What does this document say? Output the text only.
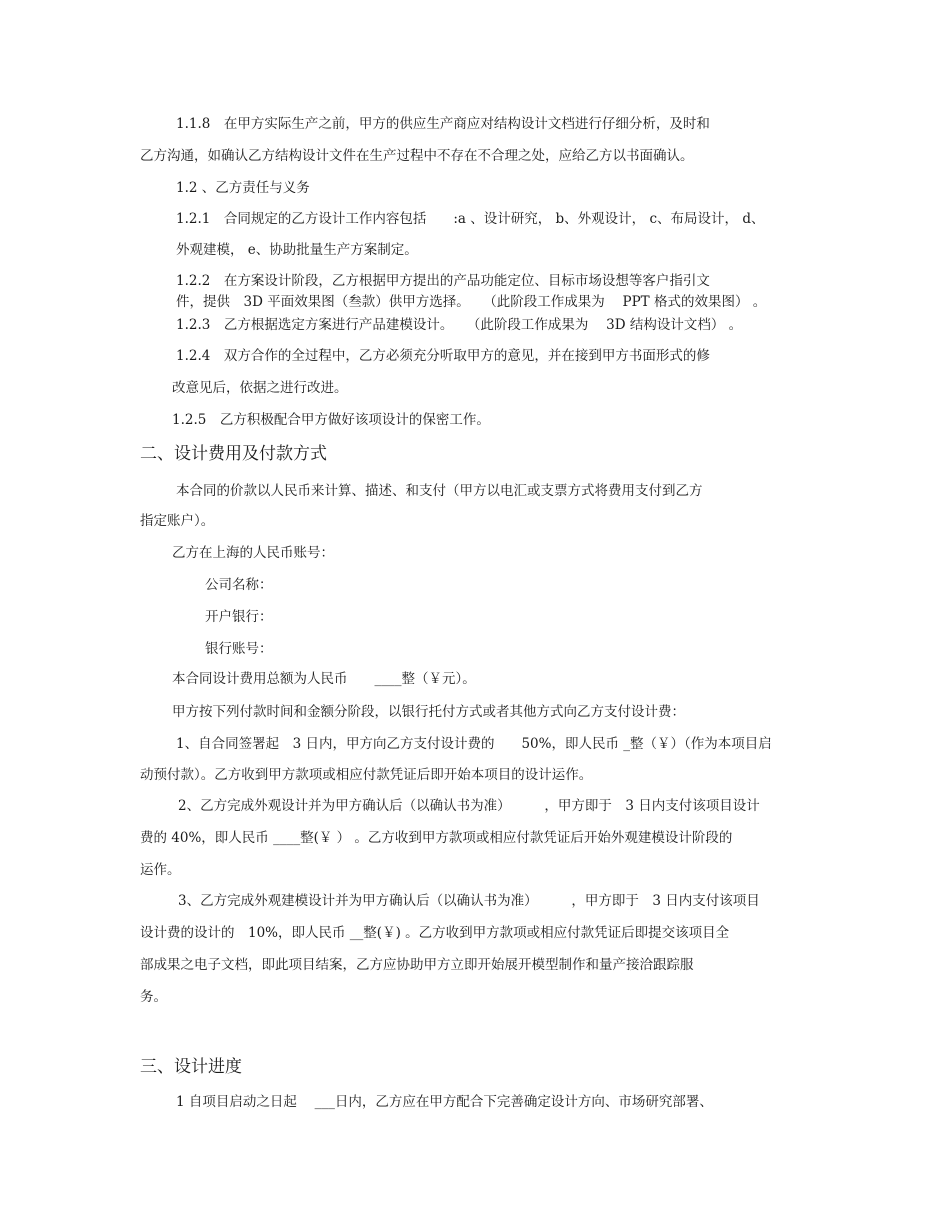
1.1.8　在甲方实际生产之前，甲方的供应生产商应对结构设计文档进行仔细分析，及时和
乙方沟通，如确认乙方结构设计文件在生产过程中不存在不合理之处，应给乙方以书面确认。
1.2 、乙方责任与义务
1.2.1　合同规定的乙方设计工作内容包括　　:a 、设计研究， b、外观设计， c、布局设计， d、
外观建模， e、协助批量生产方案制定。
1.2.2　在方案设计阶段，乙方根据甲方提出的产品功能定位、目标市场设想等客户指引文
件，提供　3D 平面效果图（叁款）供甲方选择。　　（此阶段工作成果为　 PPT 格式的效果图） 。
1.2.3　乙方根据选定方案进行产品建模设计。　　（此阶段工作成果为　 3D 结构设计文档） 。
1.2.4　双方合作的全过程中，乙方必须充分听取甲方的意见，并在接到甲方书面形式的修
改意见后，依据之进行改进。
1.2.5　乙方积极配合甲方做好该项设计的保密工作。
二、设计费用及付款方式
本合同的价款以人民币来计算、描述、和支付（甲方以电汇或支票方式将费用支付到乙方
指定账户）。
乙方在上海的人民币账号：
公司名称：
开户银行：
银行账号：
本合同设计费用总额为人民币　　____整（￥元）。
甲方按下列付款时间和金额分阶段，以银行托付方式或者其他方式向乙方支付设计费：
1、自合同签署起　3 日内，甲方向乙方支付设计费的　　50%，即人民币 _整（￥）（作为本项目启
动预付款）。乙方收到甲方款项或相应付款凭证后即开始本项目的设计运作。
2、乙方完成外观设计并为甲方确认后（以确认书为准）　　　，甲方即于　3 日内支付该项目设计
费的 40%，即人民币 ____整(￥ ） 。乙方收到甲方款项或相应付款凭证后开始外观建模设计阶段的
运作。
3、乙方完成外观建模设计并为甲方确认后（以确认书为准）　　　，甲方即于　3 日内支付该项目
设计费的设计的　10%，即人民币 __整(￥) 。乙方收到甲方款项或相应付款凭证后即提交该项目全
部成果之电子文档，即此项目结案，乙方应协助甲方立即开始展开模型制作和量产接洽跟踪服
务。
三、设计进度
1 自项目启动之日起　 ___日内，乙方应在甲方配合下完善确定设计方向、市场研究部署、
